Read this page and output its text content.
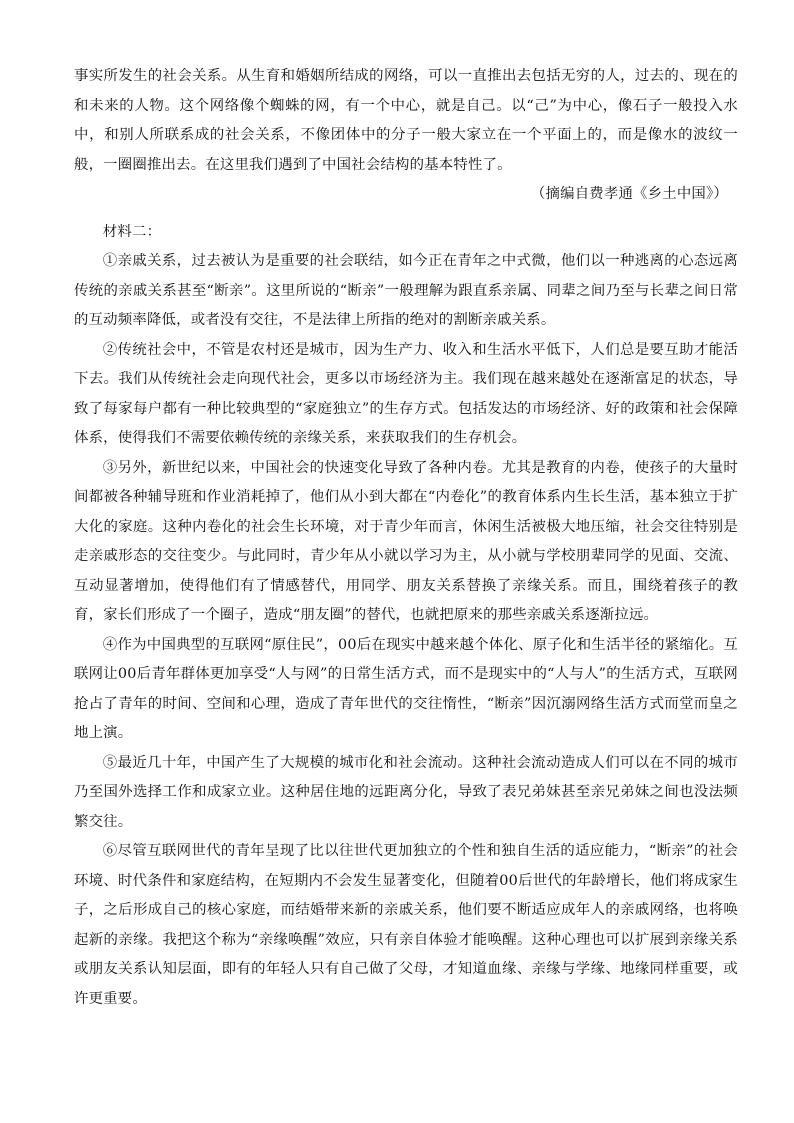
事实所发生的社会关系。从生育和婚姻所结成的网络，可以一直推出去包括无穷的人，过去的、现在的和未来的人物。这个网络像个蜘蛛的网，有一个中心，就是自己。以“己”为中心，像石子一般投入水中，和别人所联系成的社会关系，不像团体中的分子一般大家立在一个平面上的，而是像水的波纹一般，一圈圈推出去。在这里我们遇到了中国社会结构的基本特性了。

（摘编自费孝通《乡土中国》）

材料二：

①亲戚关系，过去被认为是重要的社会联结，如今正在青年之中式微，他们以一种逃离的心态远离传统的亲戚关系甚至“断亲”。这里所说的“断亲”一般理解为跟直系亲属、同辈之间乃至与长辈之间日常的互动频率降低，或者没有交往，不是法律上所指的绝对的割断亲戚关系。

②传统社会中，不管是农村还是城市，因为生产力、收入和生活水平低下，人们总是要互助才能活下去。我们从传统社会走向现代社会，更多以市场经济为主。我们现在越来越处在逐渐富足的状态，导致了每家每户都有一种比较典型的“家庭独立”的生存方式。包括发达的市场经济、好的政策和社会保障体系，使得我们不需要依赖传统的亲缘关系，来获取我们的生存机会。

③另外，新世纪以来，中国社会的快速变化导致了各种内卷。尤其是教育的内卷，使孩子的大量时间都被各种辅导班和作业消耗掉了，他们从小到大都在“内卷化”的教育体系内生长生活，基本独立于扩大化的家庭。这种内卷化的社会生长环境，对于青少年而言，休闲生活被极大地压缩，社会交往特别是走亲戚形态的交往变少。与此同时，青少年从小就以学习为主，从小就与学校朋辈同学的见面、交流、互动显著增加，使得他们有了情感替代，用同学、朋友关系替换了亲缘关系。而且，围绕着孩子的教育，家长们形成了一个圈子，造成“朋友圈”的替代，也就把原来的那些亲戚关系逐渐拉远。

④作为中国典型的互联网“原住民”，00后在现实中越来越个体化、原子化和生活半径的紧缩化。互联网让00后青年群体更加享受“人与网”的日常生活方式，而不是现实中的“人与人”的生活方式，互联网抢占了青年的时间、空间和心理，造成了青年世代的交往惰性，“断亲”因沉溺网络生活方式而堂而皇之地上演。

⑤最近几十年，中国产生了大规模的城市化和社会流动。这种社会流动造成人们可以在不同的城市乃至国外选择工作和成家立业。这种居住地的远距离分化，导致了表兄弟妹甚至亲兄弟妹之间也没法频繁交往。

⑥尽管互联网世代的青年呈现了比以往世代更加独立的个性和独自生活的适应能力，“断亲”的社会环境、时代条件和家庭结构，在短期内不会发生显著变化，但随着00后世代的年龄增长，他们将成家生子，之后形成自己的核心家庭，而结婚带来新的亲戚关系，他们要不断适应成年人的亲戚网络，也将唤起新的亲缘。我把这个称为“亲缘唤醒”效应，只有亲自体验才能唤醒。这种心理也可以扩展到亲缘关系或朋友关系认知层面，即有的年轻人只有自己做了父母，才知道血缘、亲缘与学缘、地缘同样重要，或许更重要。
